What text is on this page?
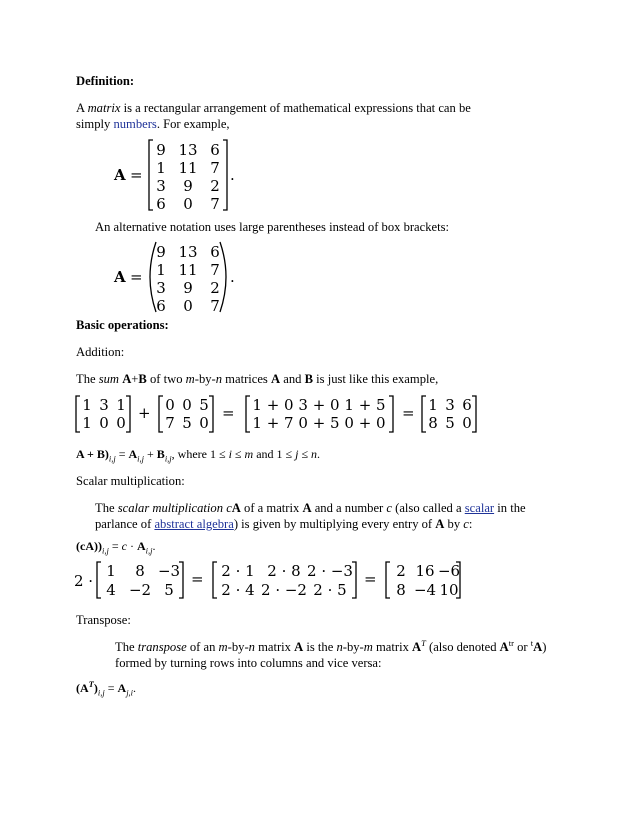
Definition:
A matrix is a rectangular arrangement of mathematical expressions that can be
simply numbers. For example,
A =
9 13 6
1 11 7
3 9 2
6 0 7
.
An alternative notation uses large parentheses instead of box brackets:
A =
9 13 6
1 11 7
3 9 2
6 0 7
.
Basic operations:
Addition:
The sum A+B of two m-by-n matrices A and B is just like this example,
1 3 1
1 0 0
+ 0 0 5
7 5 0
= 1 + 0 3 + 0 1 + 5
1 + 7 0 + 5 0 + 0
= 1 3 6
8 5 0
$A + B)_{i,j} = A_{i,j} + B_{i,j}$, where 1 ≤ i ≤ m and 1 ≤ j ≤ n.
Scalar multiplication:
The scalar multiplication cA of a matrix A and a number c (also called a scalar in the
parlance of abstract algebra) is given by multiplying every entry of A by c:
$(cA))_{i,j} = c \cdot A_{i,j}$.
2 ·
1 8 −3
4 −2 5
= 2 · 1 2 · 8 2 · −3
2 · 4 2 · −2 2 · 5
= 2 16 −6
8 −4 10
Transpose:
The transpose of an m-by-n matrix A is the n-by-m matrix $A^T$ (also denoted $A^{tr}$ or $^t$A)
formed by turning rows into columns and vice versa:
$(A^T)_{i,j} = A_{j,i}$.
